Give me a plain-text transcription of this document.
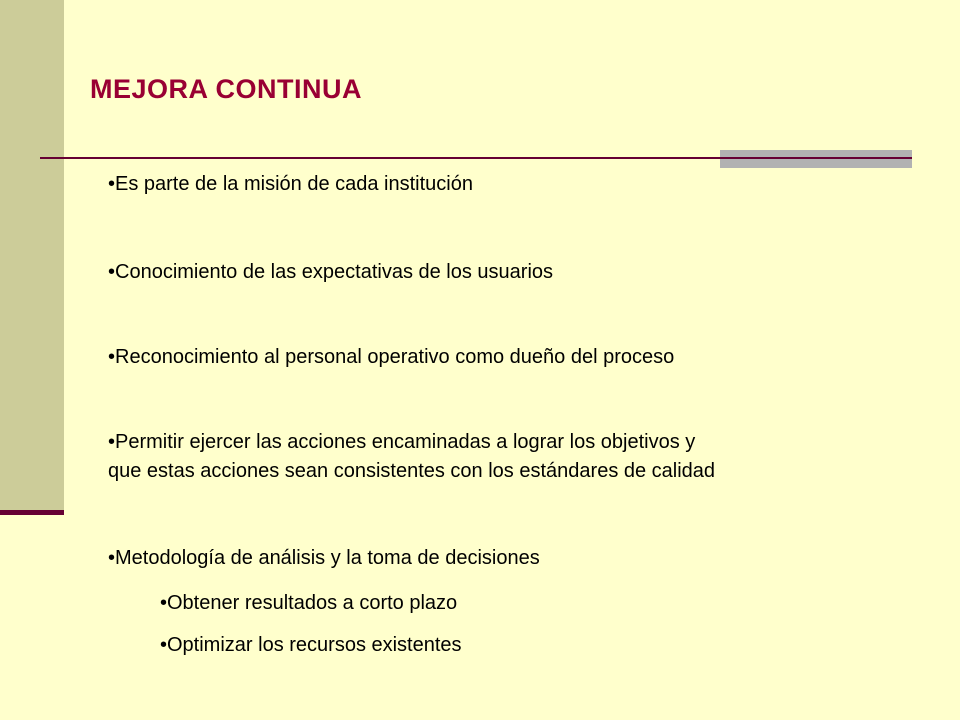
MEJORA CONTINUA

•Es parte de la misión de cada institución

•Conocimiento de las expectativas de los usuarios

•Reconocimiento al personal operativo como dueño del proceso

•Permitir ejercer las acciones encaminadas a lograr los objetivos y
que estas acciones sean consistentes con los estándares de calidad

•Metodología de análisis y la toma de decisiones

•Obtener resultados a corto plazo

•Optimizar los recursos existentes
